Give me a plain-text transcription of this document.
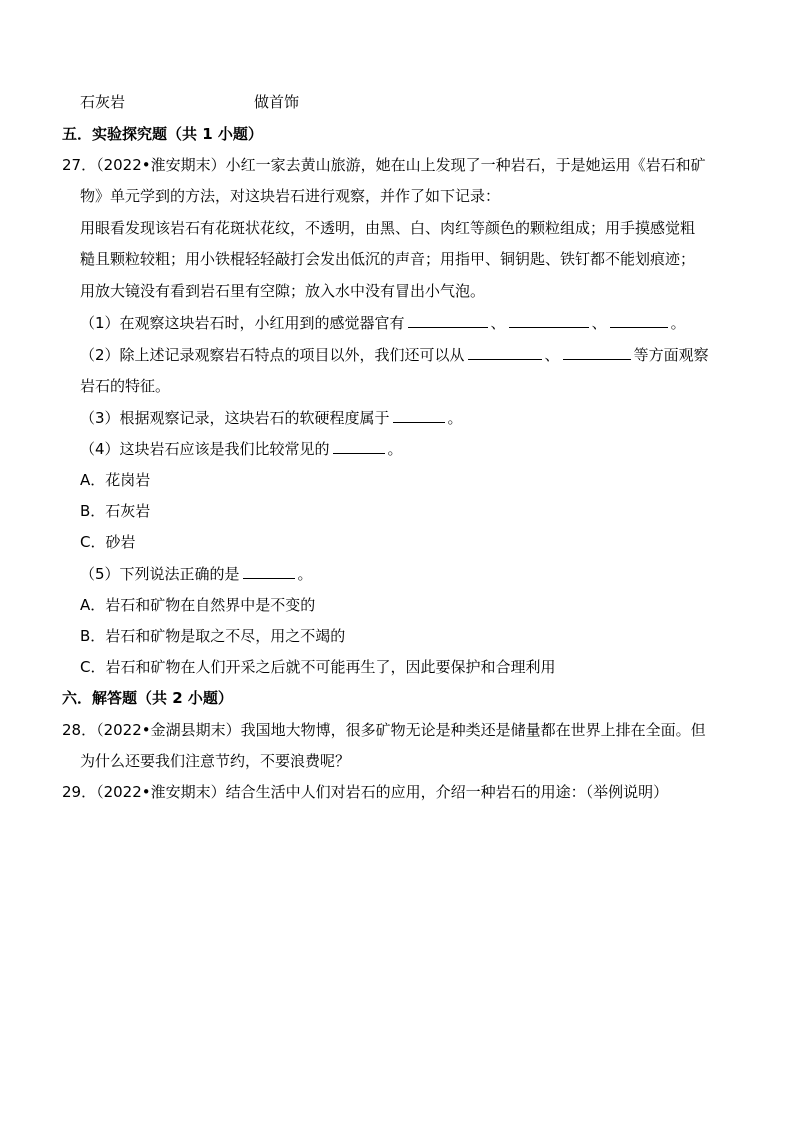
石灰岩	做首饰
五．实验探究题（共 1 小题）
27．（2022•淮安期末）小红一家去黄山旅游，她在山上发现了一种岩石，于是她运用《岩石和矿
物》单元学到的方法，对这块岩石进行观察，并作了如下记录：
用眼看发现该岩石有花斑状花纹，不透明，由黑、白、肉红等颜色的颗粒组成；用手摸感觉粗
糙且颗粒较粗；用小铁棍轻轻敲打会发出低沉的声音；用指甲、铜钥匙、铁钉都不能划痕迹；
用放大镜没有看到岩石里有空隙；放入水中没有冒出小气泡。
（1）在观察这块岩石时，小红用到的感觉器官有	、	、	。
（2）除上述记录观察岩石特点的项目以外，我们还可以从	、	等方面观察
岩石的特征。
（3）根据观察记录，这块岩石的软硬程度属于	。
（4）这块岩石应该是我们比较常见的	。
A．花岗岩
B．石灰岩
C．砂岩
（5）下列说法正确的是	。
A．岩石和矿物在自然界中是不变的
B．岩石和矿物是取之不尽，用之不竭的
C．岩石和矿物在人们开采之后就不可能再生了，因此要保护和合理利用
六．解答题（共 2 小题）
28．（2022•金湖县期末）我国地大物博，很多矿物无论是种类还是储量都在世界上排在全面。但
为什么还要我们注意节约，不要浪费呢？
29．（2022•淮安期末）结合生活中人们对岩石的应用，介绍一种岩石的用途：（举例说明）
